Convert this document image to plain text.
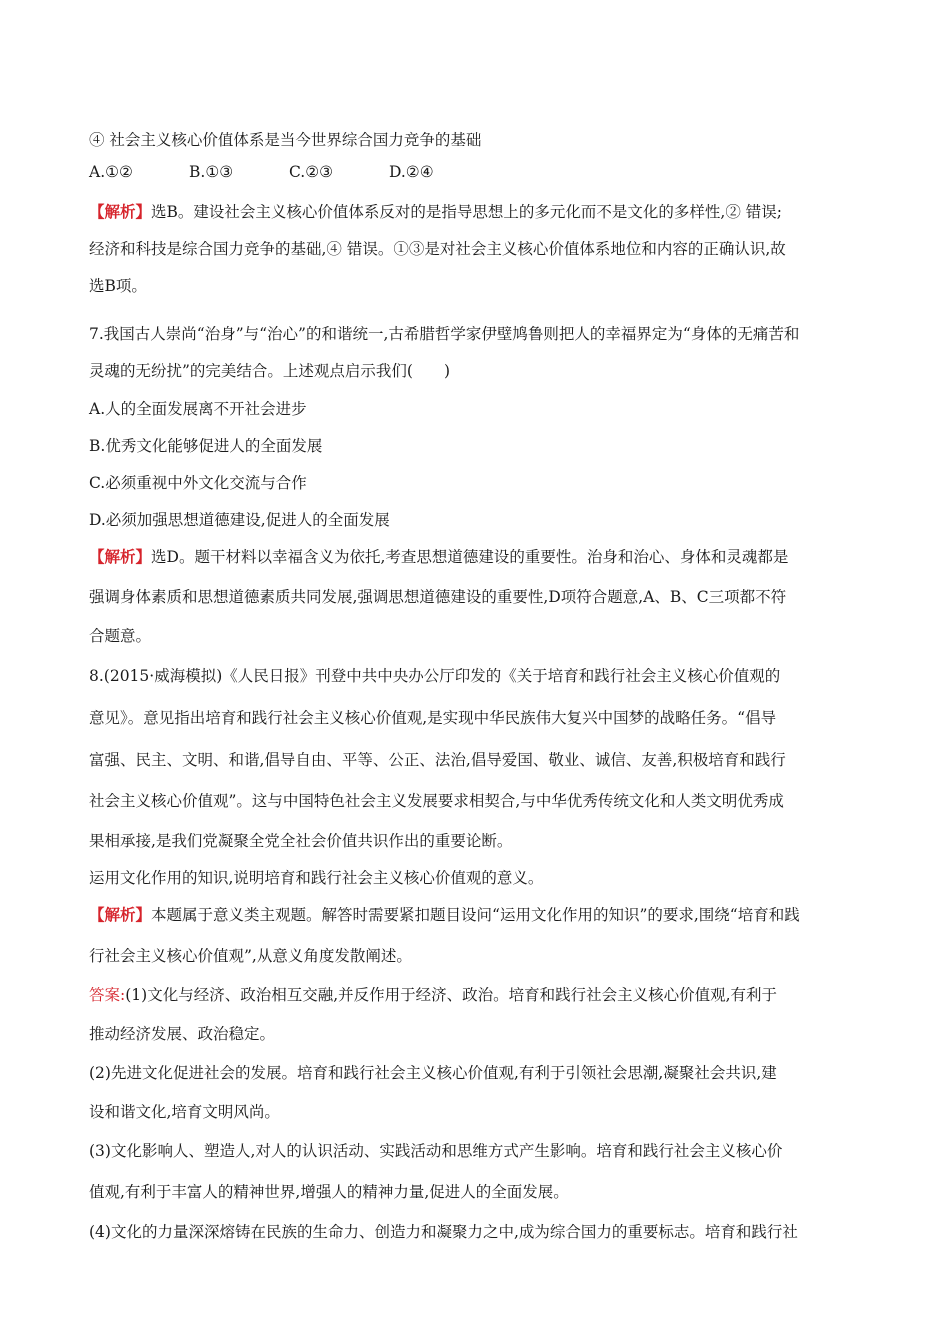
④ 社会主义核心价值体系是当今世界综合国力竞争的基础
A.①②	B.①③	C.②③	D.②④
【解析】选B。建设社会主义核心价值体系反对的是指导思想上的多元化而不是文化的多样性,② 错误;
经济和科技是综合国力竞争的基础,④ 错误。①③是对社会主义核心价值体系地位和内容的正确认识,故
选B项。
7.我国古人崇尚“治身”与“治心”的和谐统一,古希腊哲学家伊壁鸠鲁则把人的幸福界定为“身体的无痛苦和
灵魂的无纷扰”的完美结合。上述观点启示我们(　　)
A.人的全面发展离不开社会进步
B.优秀文化能够促进人的全面发展
C.必须重视中外文化交流与合作
D.必须加强思想道德建设,促进人的全面发展
【解析】选D。题干材料以幸福含义为依托,考查思想道德建设的重要性。治身和治心、身体和灵魂都是
强调身体素质和思想道德素质共同发展,强调思想道德建设的重要性,D项符合题意,A、B、C三项都不符
合题意。
8.(2015·威海模拟)《人民日报》刊登中共中央办公厅印发的《关于培育和践行社会主义核心价值观的
意见》。意见指出培育和践行社会主义核心价值观,是实现中华民族伟大复兴中国梦的战略任务。“倡导
富强、民主、文明、和谐,倡导自由、平等、公正、法治,倡导爱国、敬业、诚信、友善,积极培育和践行
社会主义核心价值观”。这与中国特色社会主义发展要求相契合,与中华优秀传统文化和人类文明优秀成
果相承接,是我们党凝聚全党全社会价值共识作出的重要论断。
运用文化作用的知识,说明培育和践行社会主义核心价值观的意义。
【解析】本题属于意义类主观题。解答时需要紧扣题目设问“运用文化作用的知识”的要求,围绕“培育和践
行社会主义核心价值观”,从意义角度发散阐述。
答案:(1)文化与经济、政治相互交融,并反作用于经济、政治。培育和践行社会主义核心价值观,有利于
推动经济发展、政治稳定。
(2)先进文化促进社会的发展。培育和践行社会主义核心价值观,有利于引领社会思潮,凝聚社会共识,建
设和谐文化,培育文明风尚。
(3)文化影响人、塑造人,对人的认识活动、实践活动和思维方式产生影响。培育和践行社会主义核心价
值观,有利于丰富人的精神世界,增强人的精神力量,促进人的全面发展。
(4)文化的力量深深熔铸在民族的生命力、创造力和凝聚力之中,成为综合国力的重要标志。培育和践行社
